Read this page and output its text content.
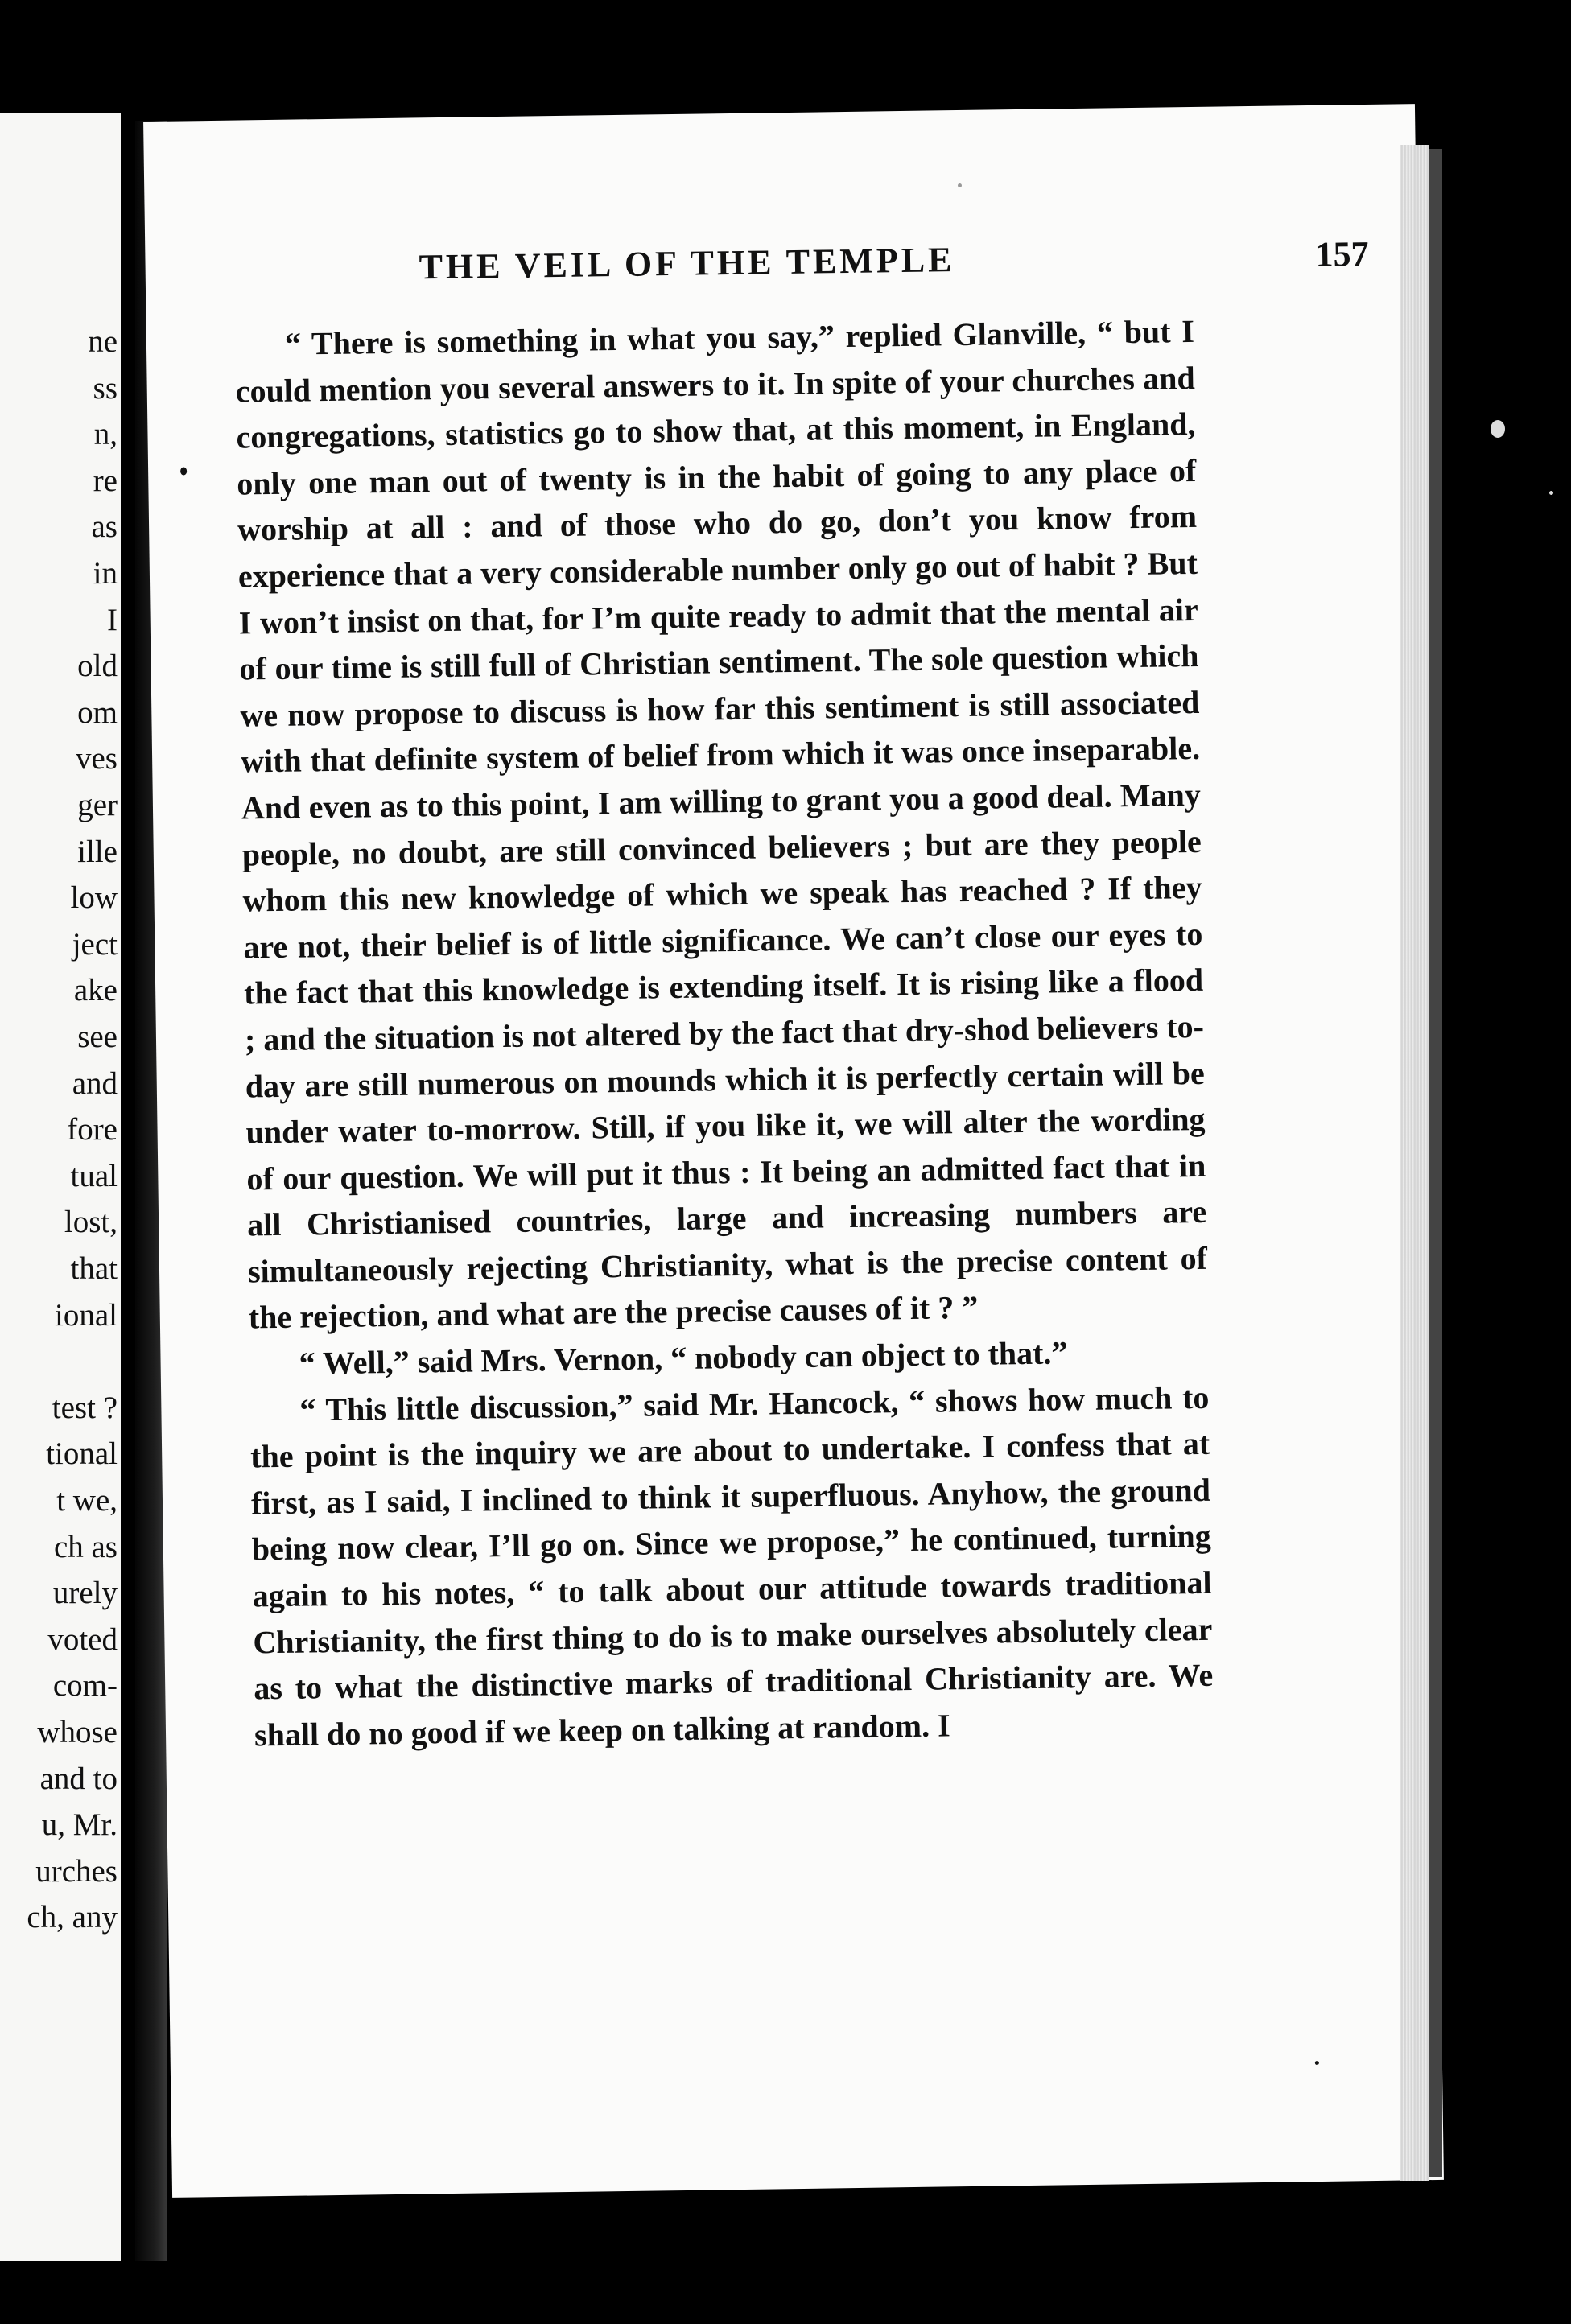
ne
ss
n,
re
as
in
I
old
om
ves
ger
ille
low
ject
ake
see
and
fore
tual
lost,
that
ional
test ?
tional
t we,
ch as
urely
voted
com-
whose
and to
u, Mr.
urches
ch, any
THE VEIL OF THE TEMPLE	157

“ There is something in what you say,” replied Glanville, “ but I could mention you several answers to it. In spite of your churches and congregations, statistics go to show that, at this moment, in England, only one man out of twenty is in the habit of going to any place of worship at all : and of those who do go, don’t you know from experience that a very considerable number only go out of habit ? But I won’t insist on that, for I’m quite ready to admit that the mental air of our time is still full of Christian sentiment. The sole question which we now propose to discuss is how far this sentiment is still associated with that definite system of belief from which it was once inseparable. And even as to this point, I am willing to grant you a good deal. Many people, no doubt, are still convinced believers ; but are they people whom this new knowledge of which we speak has reached ? If they are not, their belief is of little significance. We can’t close our eyes to the fact that this knowledge is extending itself. It is rising like a flood ; and the situation is not altered by the fact that dry-shod believers to-day are still numerous on mounds which it is perfectly certain will be under water to-morrow. Still, if you like it, we will alter the wording of our question. We will put it thus : It being an admitted fact that in all Christianised countries, large and increasing numbers are simultaneously rejecting Christianity, what is the precise content of the rejection, and what are the precise causes of it ? ”

“ Well,” said Mrs. Vernon, “ nobody can object to that.”

“ This little discussion,” said Mr. Hancock, “ shows how much to the point is the inquiry we are about to undertake. I confess that at first, as I said, I inclined to think it superfluous. Anyhow, the ground being now clear, I’ll go on. Since we propose,” he continued, turning again to his notes, “ to talk about our attitude towards traditional Christianity, the first thing to do is to make ourselves absolutely clear as to what the distinctive marks of traditional Christianity are. We shall do no good if we keep on talking at random. I
